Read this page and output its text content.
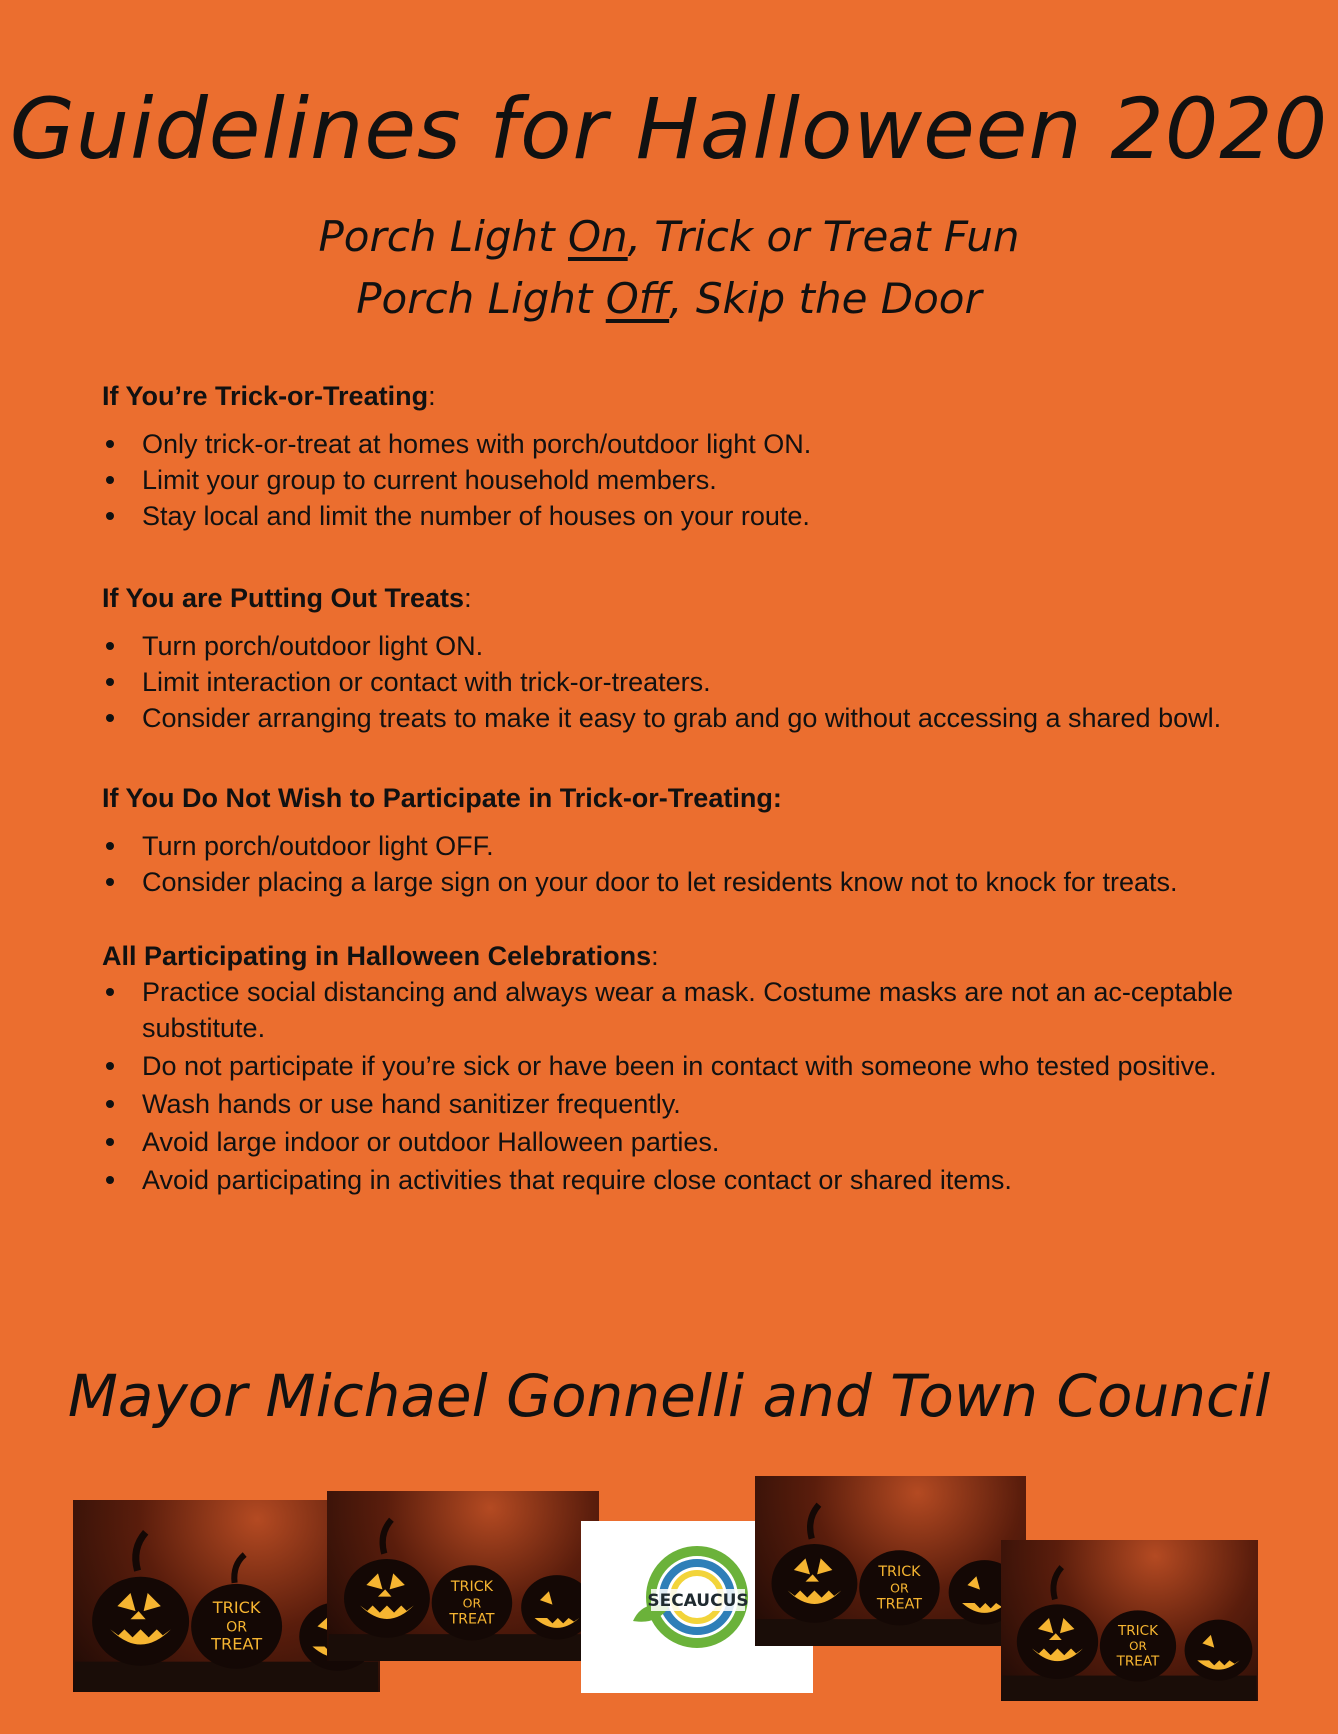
Guidelines for Halloween 2020
Porch Light On, Trick or Treat Fun
Porch Light Off, Skip the Door

If You’re Trick-or-Treating:

Only trick-or-treat at homes with porch/outdoor light ON.
Limit your group to current household members.
Stay local and limit the number of houses on your route.

If You are Putting Out Treats:

Turn porch/outdoor light ON.
Limit interaction or contact with trick-or-treaters.
Consider arranging treats to make it easy to grab and go without accessing a shared bowl.

If You Do Not Wish to Participate in Trick-or-Treating:

Turn porch/outdoor light OFF.
Consider placing a large sign on your door to let residents know not to knock for treats.

All Participating in Halloween Celebrations:

Practice social distancing and always wear a mask. Costume masks are not an ac-ceptable substitute.
Do not participate if you’re sick or have been in contact with someone who tested positive.
Wash hands or use hand sanitizer frequently.
Avoid large indoor or outdoor Halloween parties.
Avoid participating in activities that require close contact or shared items.
Mayor Michael Gonnelli and Town Council
TRICK
OR
TREAT
TRICK
OR
TREAT
SECAUCUS
TRICK
OR
TREAT
TRICK
OR
TREAT
